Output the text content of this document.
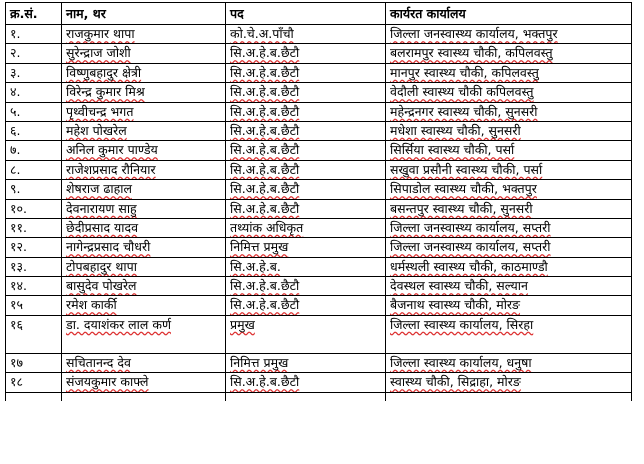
क्र.सं.	नाम, थर	पद	कार्यरत कार्यालय
१.	राजकुमार थापा	को.चे.अ.पाँचौ	जिल्ला जनस्वास्थ्य कार्यालय, भक्तपुर
२.	सुरेन्द्राज जोशी	सि.अ.हे.ब.छैटौ	बलरामपुर स्वास्थ्य चौकी, कपिलवस्तु
३.	विष्णुबहादुर क्षेत्री	सि.अ.हे.ब.छैटौ	मानपुर स्वास्थ्य चौकी, कपिलवस्तु
४.	विरेन्द्र कुमार मिश्र	सि.अ.हे.ब.छैटौ	वेदौली स्वास्थ्य चौकी कपिलवस्तु
५.	पृथ्वीचन्द्र भगत	सि.अ.हे.ब.छैटौ	महेन्द्रनगर स्वास्थ्य चौकी, सुनसरी
६.	महेश पोखरेल	सि.अ.हे.ब.छैटौ	मधेशा स्वास्थ्य चौकी, सुनसरी
७.	अनिल कुमार पाण्डेय	सि.अ.हे.ब.छैटौ	सिर्सिया स्वास्थ्य चौकी, पर्सा
८.	राजेशप्रसाद रौनियार	सि.अ.हे.ब.छैटौ	सखुवा प्रसौनी स्वास्थ्य चौकी, पर्सा
९.	शेषराज ढाहाल	सि.अ.हे.ब.छैटौ	सिपाडोल स्वास्थ्य चौकी, भक्तपुर
१०.	देवनारायण साहु	सि.अ.हे.ब.छैटौ	बसन्तपुर स्वास्थ्य चौकी, सुनसरी
११.	छेदीप्रसाद यादव	तथ्यांक अधिकृत	जिल्ला जनस्वास्थ्य कार्यालय, सप्तरी
१२.	नागेन्द्रप्रसाद चौधरी	निमित्त प्रमुख	जिल्ला जनस्वास्थ्य कार्यालय, सप्तरी
१३.	टोपबहादुर थापा	सि.अ.हे.ब.	धर्मस्थली स्वास्थ्य चौकी, काठमाण्डौ
१४.	बासुदेव पोखरेल	सि.अ.हे.ब.छैटौ	देवस्थल स्वास्थ्य चौकी, सल्यान
१५	रमेश कार्की	सि.अ.हे.ब.छैटौ	बैजनाथ स्वास्थ्य चौकी, मोरङ
१६	डा. दयाशंकर लाल कर्ण	प्रमुख	जिल्ला स्वास्थ्य कार्यालय, सिरहा
१७	सचितानन्द देव	निमित्त प्रमुख	जिल्ला स्वास्थ्य कार्यालय, धनुषा
१८	संजयकुमार काफ्ले	सि.अ.हे.ब.छैटौ	स्वास्थ्य चौकी, सिद्राहा, मोरङ
